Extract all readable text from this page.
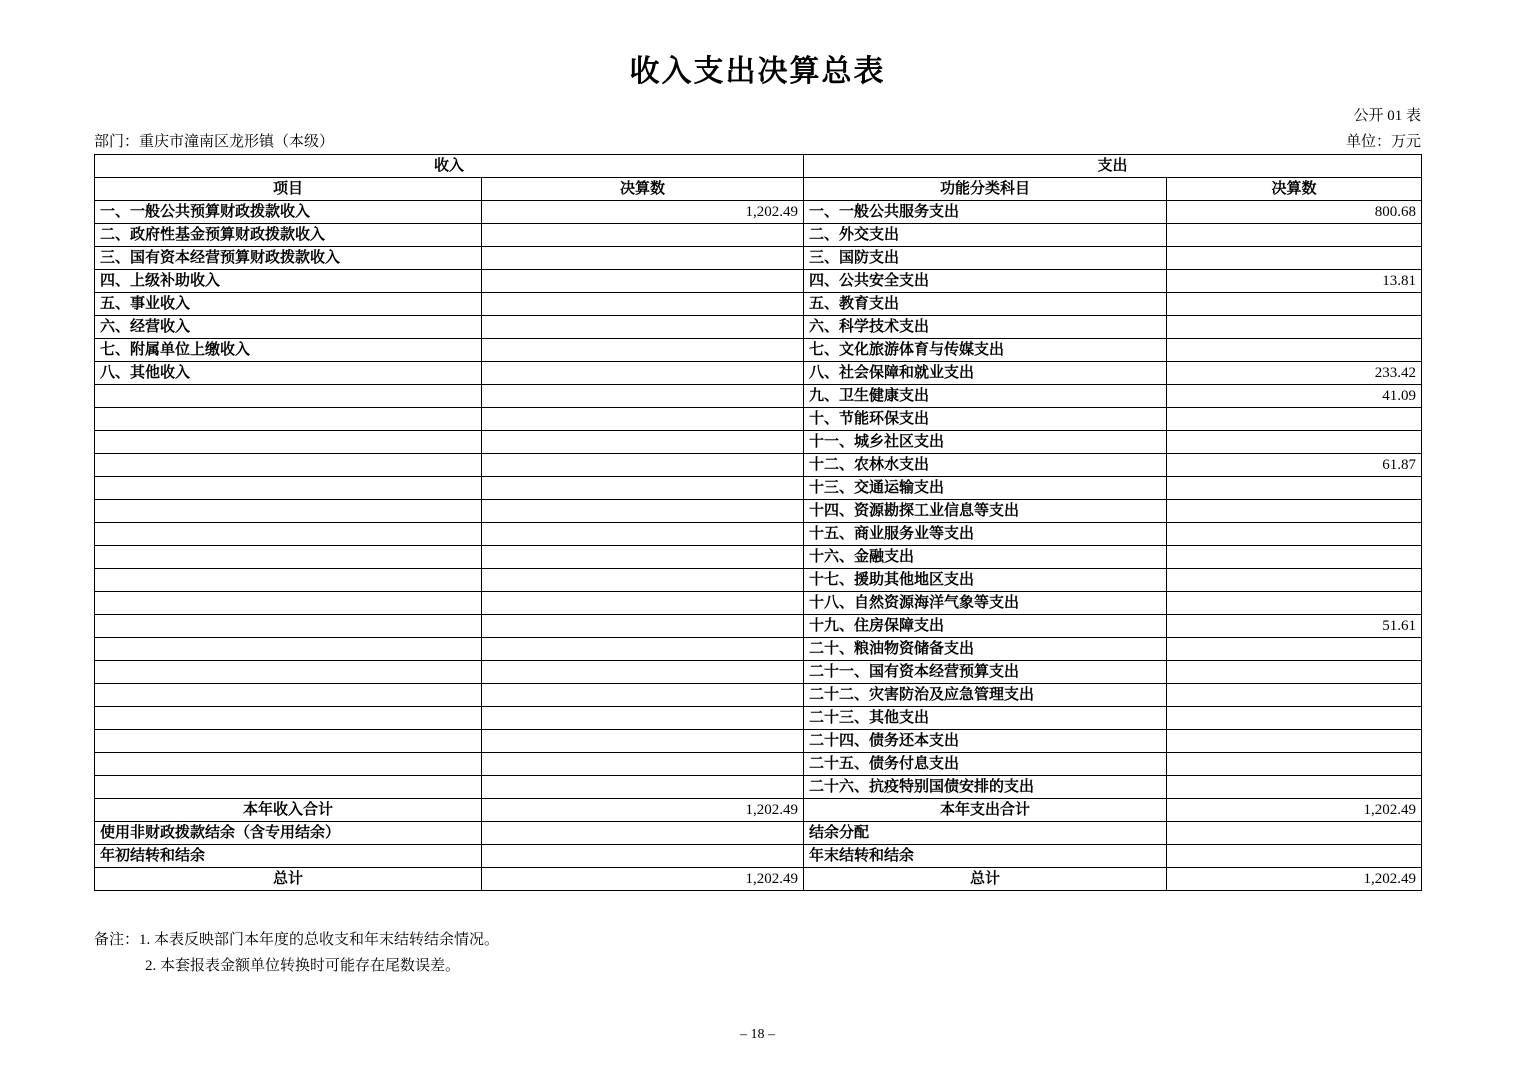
收入支出决算总表
公开 01 表
部门：重庆市潼南区龙形镇（本级）	单位：万元
收入		支出	
项目	决算数	功能分类科目	决算数
一、一般公共预算财政拨款收入	1,202.49	一、一般公共服务支出	800.68
二、政府性基金预算财政拨款收入		二、外交支出	
三、国有资本经营预算财政拨款收入		三、国防支出	
四、上级补助收入		四、公共安全支出	13.81
五、事业收入		五、教育支出	
六、经营收入		六、科学技术支出	
七、附属单位上缴收入		七、文化旅游体育与传媒支出	
八、其他收入		八、社会保障和就业支出	233.42
		九、卫生健康支出	41.09
		十、节能环保支出	
		十一、城乡社区支出	
		十二、农林水支出	61.87
		十三、交通运输支出	
		十四、资源勘探工业信息等支出	
		十五、商业服务业等支出	
		十六、金融支出	
		十七、援助其他地区支出	
		十八、自然资源海洋气象等支出	
		十九、住房保障支出	51.61
		二十、粮油物资储备支出	
		二十一、国有资本经营预算支出	
		二十二、灾害防治及应急管理支出	
		二十三、其他支出	
		二十四、债务还本支出	
		二十五、债务付息支出	
		二十六、抗疫特别国债安排的支出	
本年收入合计	1,202.49	本年支出合计	1,202.49
使用非财政拨款结余（含专用结余）		结余分配	
年初结转和结余		年末结转和结余	
总计	1,202.49	总计	1,202.49
备注：1. 本表反映部门本年度的总收支和年末结转结余情况。
2. 本套报表金额单位转换时可能存在尾数误差。
– 18 –
